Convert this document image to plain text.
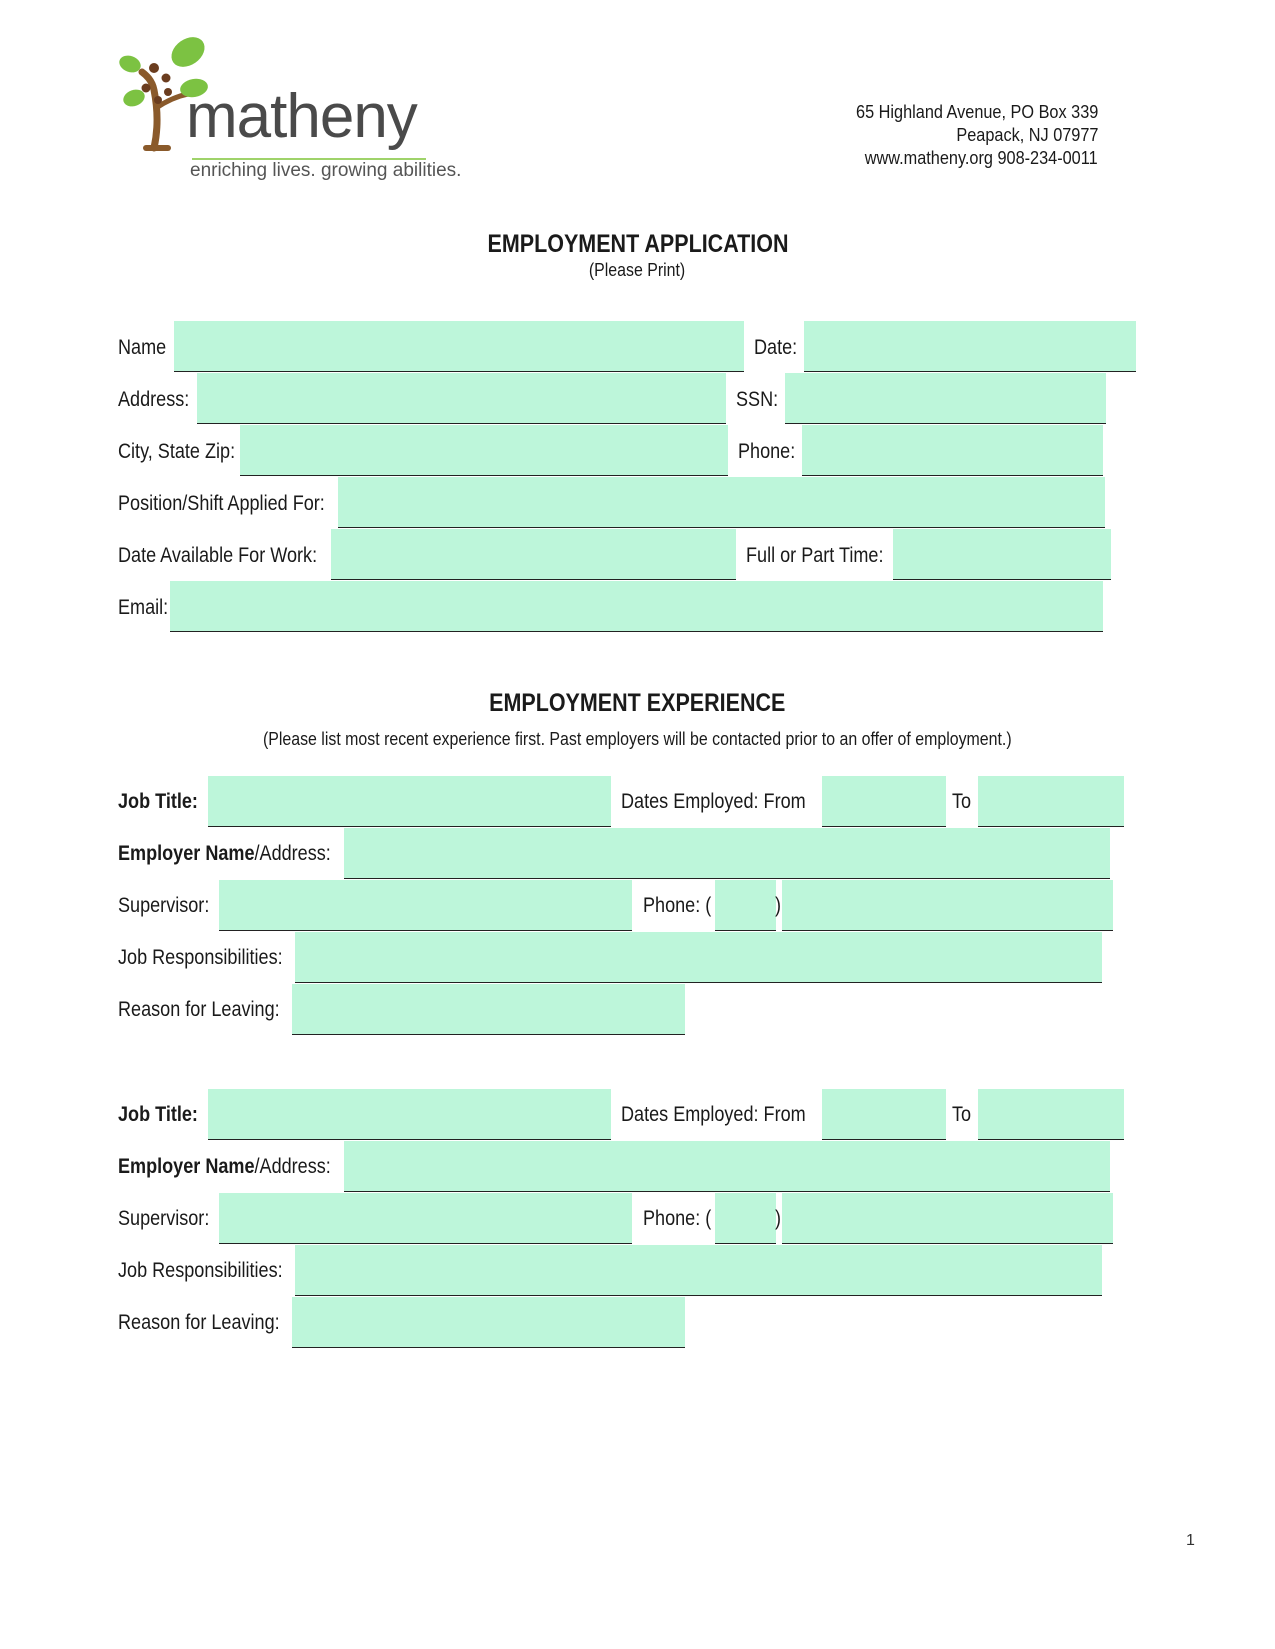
matheny
enriching lives. growing abilities.
65 Highland Avenue, PO Box 339
Peapack, NJ 07977
www.matheny.org 908-234-0011
EMPLOYMENT APPLICATION
(Please Print)
Name	Date:
Address:	SSN:
City, State Zip:	Phone:
Position/Shift Applied For:
Date Available For Work:	Full or Part Time:
Email:
EMPLOYMENT EXPERIENCE
(Please list most recent experience first. Past employers will be contacted prior to an offer of employment.)
Job Title:	Dates Employed: From	To
Employer Name/Address:
Supervisor:	Phone: (	)
Job Responsibilities:
Reason for Leaving:
Job Title:	Dates Employed: From	To
Employer Name/Address:
Supervisor:	Phone: (	)
Job Responsibilities:
Reason for Leaving:
1
